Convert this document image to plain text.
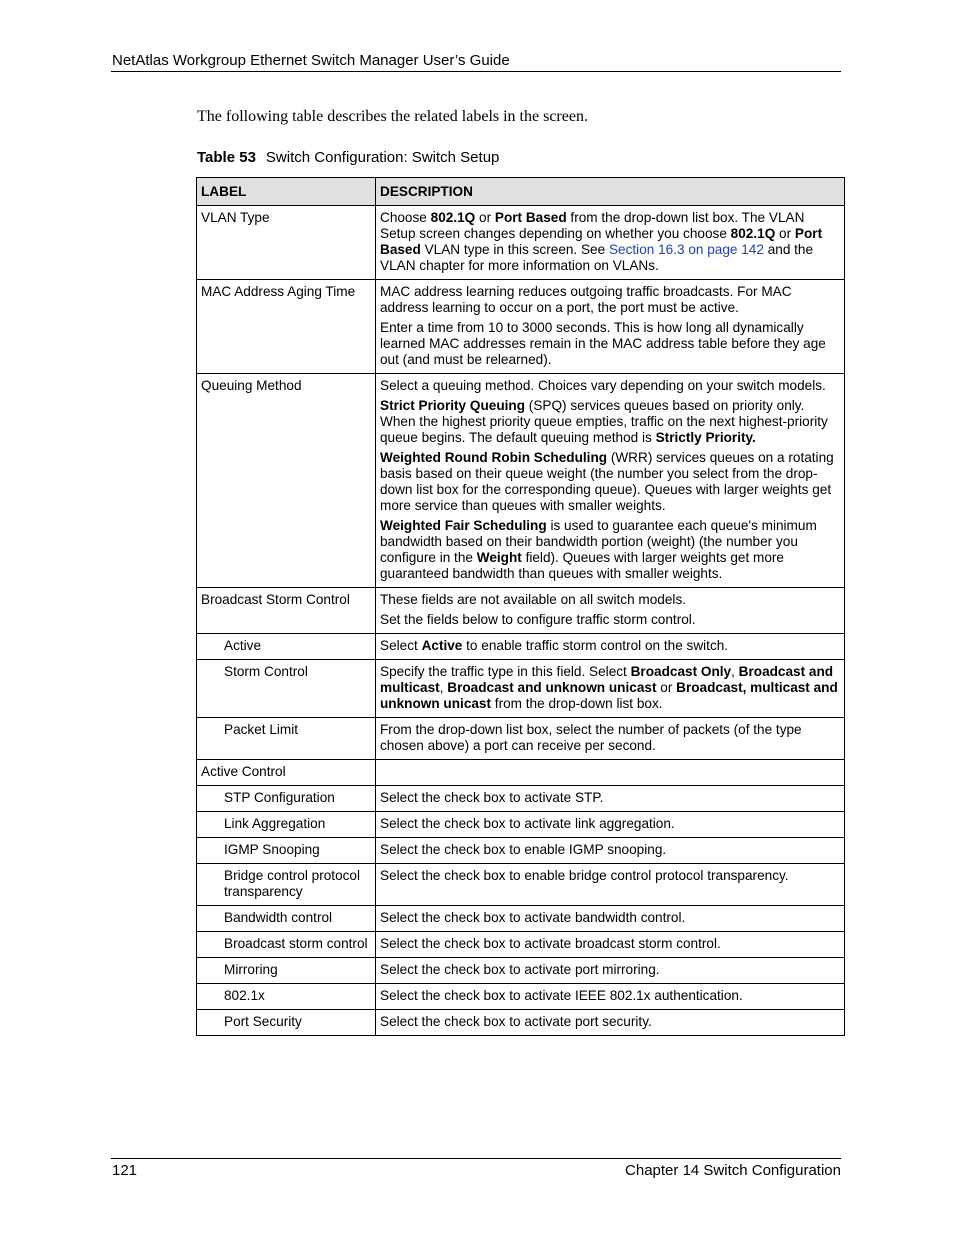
NetAtlas Workgroup Ethernet Switch Manager User’s Guide
The following table describes the related labels in the screen.
Table 53 Switch Configuration: Switch Setup
LABEL	DESCRIPTION
VLAN Type	Choose 802.1Q or Port Based from the drop-down list box. The VLAN Setup screen changes depending on whether you choose 802.1Q or Port Based VLAN type in this screen. See Section 16.3 on page 142 and the VLAN chapter for more information on VLANs.

MAC Address Aging Time	MAC address learning reduces outgoing traffic broadcasts. For MAC address learning to occur on a port, the port must be active.

Enter a time from 10 to 3000 seconds. This is how long all dynamically learned MAC addresses remain in the MAC address table before they age out (and must be relearned).

Queuing Method	Select a queuing method. Choices vary depending on your switch models.

Strict Priority Queuing (SPQ) services queues based on priority only. When the highest priority queue empties, traffic on the next highest-priority queue begins. The default queuing method is Strictly Priority.

Weighted Round Robin Scheduling (WRR) services queues on a rotating basis based on their queue weight (the number you select from the drop-down list box for the corresponding queue). Queues with larger weights get more service than queues with smaller weights.

Weighted Fair Scheduling is used to guarantee each queue's minimum bandwidth based on their bandwidth portion (weight) (the number you configure in the Weight field). Queues with larger weights get more guaranteed bandwidth than queues with smaller weights.

Broadcast Storm Control	These fields are not available on all switch models.

Set the fields below to configure traffic storm control.

Active	Select Active to enable traffic storm control on the switch.

Storm Control	Specify the traffic type in this field. Select Broadcast Only, Broadcast and multicast, Broadcast and unknown unicast or Broadcast, multicast and unknown unicast from the drop-down list box.

Packet Limit	From the drop-down list box, select the number of packets (of the type chosen above) a port can receive per second.

Active Control	
STP Configuration	Select the check box to activate STP.

Link Aggregation	Select the check box to activate link aggregation.

IGMP Snooping	Select the check box to enable IGMP snooping.

Bridge control protocol transparency	Select the check box to enable bridge control protocol transparency.

Bandwidth control	Select the check box to activate bandwidth control.

Broadcast storm control	Select the check box to activate broadcast storm control.

Mirroring	Select the check box to activate port mirroring.

802.1x	Select the check box to activate IEEE 802.1x authentication.

Port Security	Select the check box to activate port security.

121	Chapter 14 Switch Configuration
